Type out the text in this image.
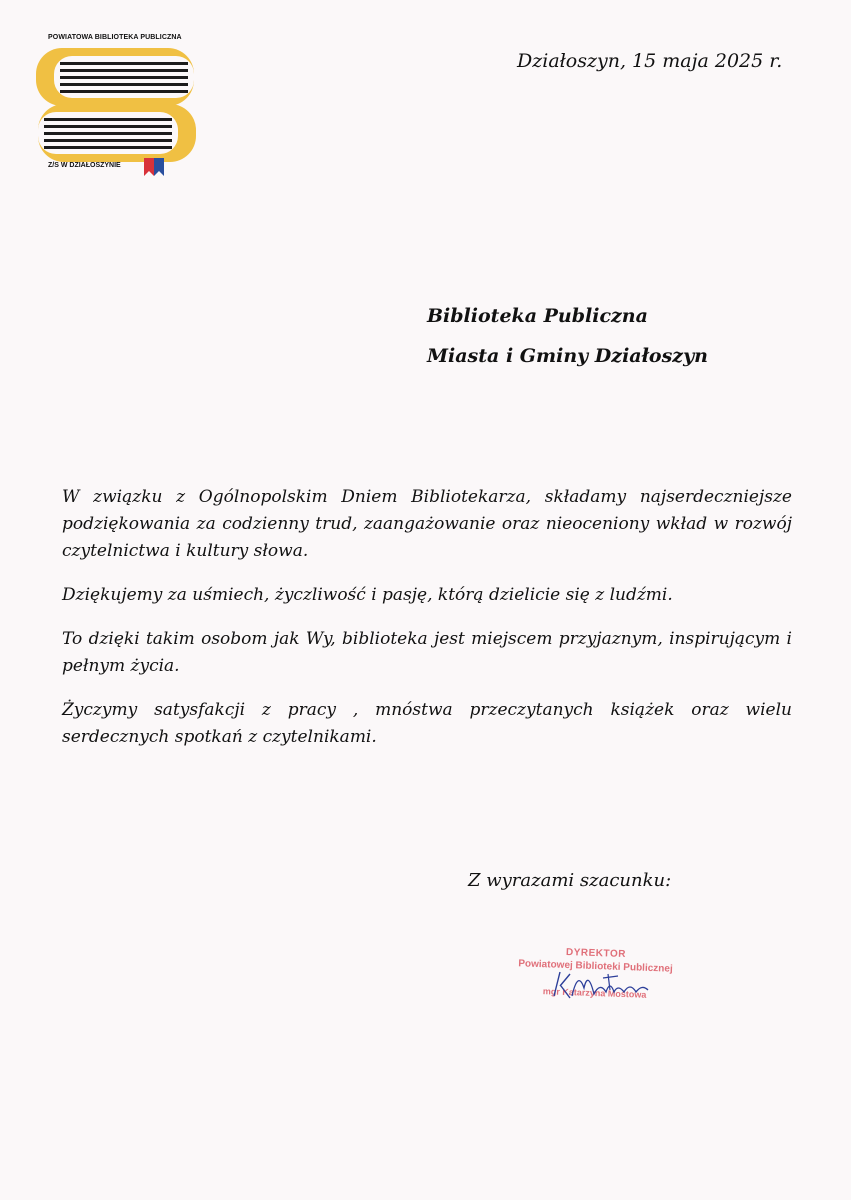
POWIATOWA BIBLIOTEKA PUBLICZNA
Z/S W DZIAŁOSZYNIE
Działoszyn, 15 maja 2025 r.
Biblioteka Publiczna
Miasta i Gminy Działoszyn

W związku z Ogólnopolskim Dniem Bibliotekarza, składamy najserdeczniejsze podziękowania za codzienny trud, zaangażowanie oraz nieoceniony wkład w rozwój czytelnictwa i kultury słowa.

Dziękujemy za uśmiech, życzliwość i pasję, którą dzielicie się z ludźmi.

To dzięki takim osobom jak Wy, biblioteka jest miejscem przyjaznym, inspirującym i pełnym życia.

Życzymy satysfakcji z pracy , mnóstwa przeczytanych książek oraz wielu serdecznych spotkań z czytelnikami.

Z wyrazami szacunku:
DYREKTOR
Powiatowej Biblioteki Publicznej
mgr Katarzyna Mostowa
